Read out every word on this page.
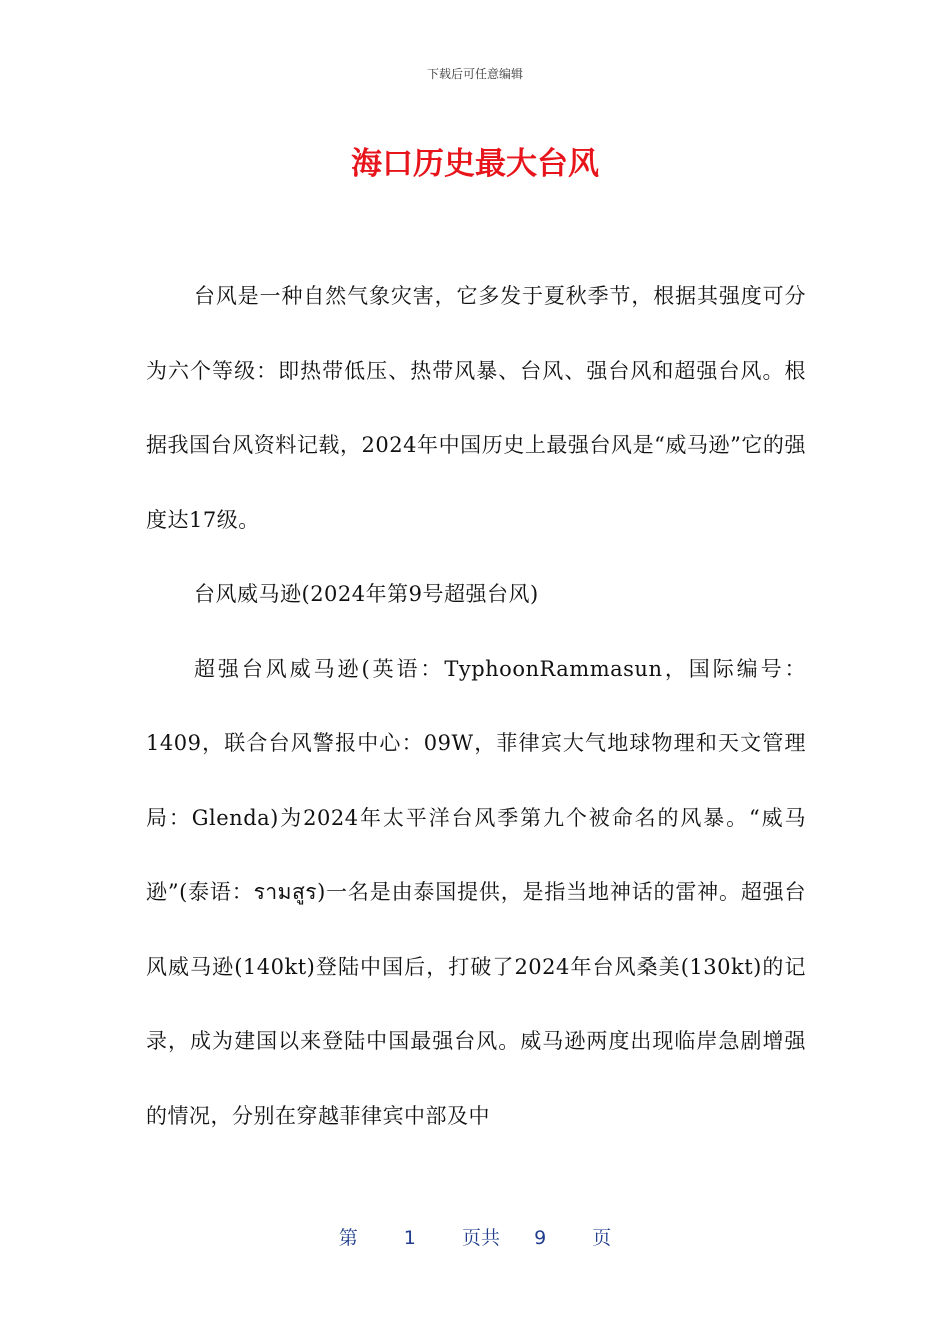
下载后可任意编辑
海口历史最大台风

台风是一种自然气象灾害，它多发于夏秋季节，根据其强度可分为六个等级：即热带低压、热带风暴、台风、强台风和超强台风。根据我国台风资料记载，2024年中国历史上最强台风是“威马逊”它的强度达17级。

台风威马逊(2024年第9号超强台风)

超强台风威马逊(英语：TyphoonRammasun，国际编号：1409，联合台风警报中心：09W，菲律宾大气地球物理和天文管理局：Glenda)为2024年太平洋台风季第九个被命名的风暴。“威马逊”(泰语：รามสูร)一名是由泰国提供，是指当地神话的雷神。超强台风威马逊(140kt)登陆中国后，打破了2024年台风桑美(130kt)的记录，成为建国以来登陆中国最强台风。威马逊两度出现临岸急剧增强的情况，分别在穿越菲律宾中部及中

第 1 页共 9 页
